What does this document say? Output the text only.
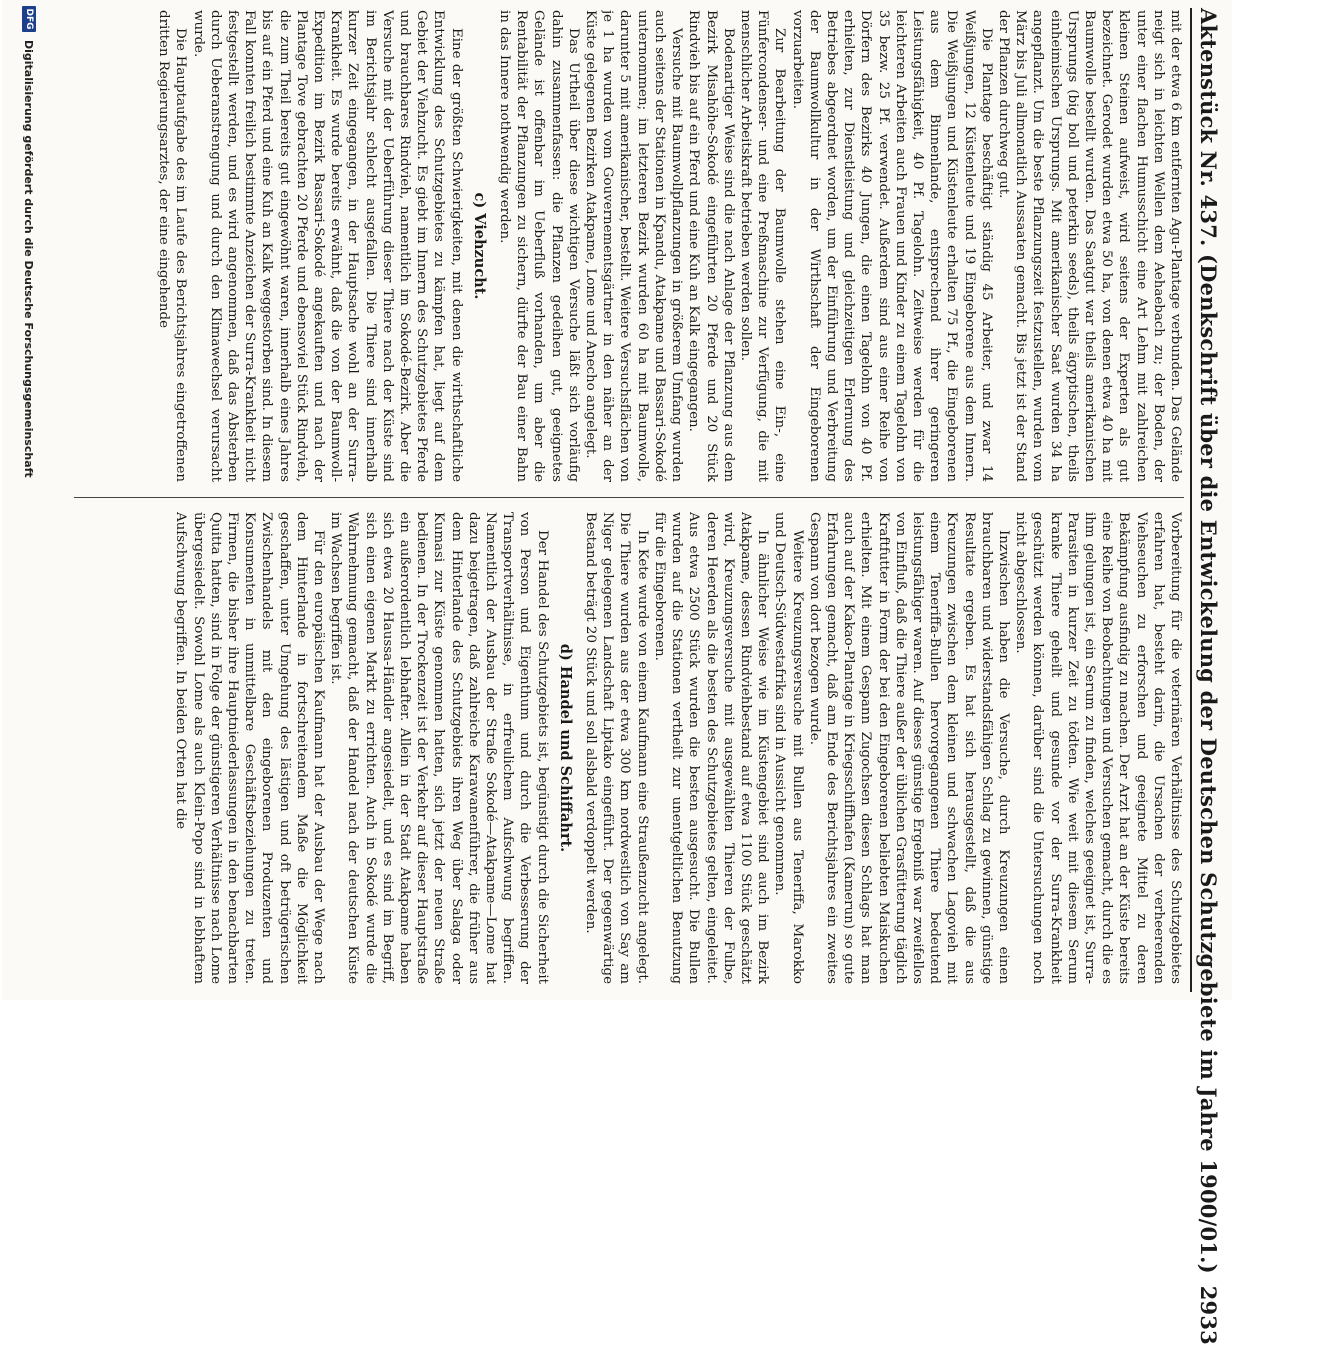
Aktenstück Nr. 437. (Denkschrift über die Entwickelung der Deutschen Schutzgebiete im Jahre 1900/01.)
2933

mit der etwa 6 km entfernten Agu-Plantage verbunden. Das Gelände neigt sich in leichten Wellen dem Aehaebach zu; der Boden, der unter einer flachen Humusschicht eine Art Lehm mit zahlreichen kleinen Steinen aufweist, wird seitens der Experten als gut bezeichnet. Gerodet wurden etwa 50 ha, von denen etwa 40 ha mit Baumwolle bestellt wurden. Das Saatgut war theils amerikanischen Ursprungs (big boll und peterkin seeds), theils ägyptischen, theils einheimischen Ursprungs. Mit amerikanischer Saat wurden 34 ha angepflanzt. Um die beste Pflanzungszeit festzustellen, wurden vom März bis Juli allmonatlich Aussaaten gemacht. Bis jetzt ist der Stand der Pflanzen durchweg gut.

Die Plantage beschäftigt ständig 45 Arbeiter, und zwar 14 Weißjungen, 12 Küstenleute und 19 Eingeborene aus dem Innern. Die Weißjungen und Küstenleute erhalten 75 Pf., die Eingeborenen aus dem Binnenlande, entsprechend ihrer geringeren Leistungsfähigkeit, 40 Pf. Tagelohn. Zeitweise werden für die leichteren Arbeiten auch Frauen und Kinder zu einem Tagelohn von 35 bezw. 25 Pf. verwendet. Außerdem sind aus einer Reihe von Dörfern des Bezirks 40 Jungen, die einen Tagelohn von 40 Pf. erhielten, zur Dienstleistung und gleichzeitigen Erlernung des Betriebes abgeordnet worden, um der Einführung und Verbreitung der Baumwollkultur in der Wirthschaft der Eingeborenen vorzuarbeiten.

Zur Bearbeitung der Baumwolle stehen eine Ein-, eine Fünfercondenser- und eine Preßmaschine zur Verfügung, die mit menschlicher Arbeitskraft betrieben werden sollen.

Bodenartiger Weise sind die nach Anlage der Pflanzung aus dem Bezirk Misahöhe-Sokodé eingeführten 20 Pferde und 20 Stück Rindvieh bis auf ein Pferd und eine Kuh an Kalk eingegangen.

Versuche mit Baumwollpflanzungen in größerem Umfang wurden auch seitens der Stationen in Kpandu, Atakpame und Bassari-Sokodé unternommen; im letzteren Bezirk wurden 60 ha mit Baumwolle, darunter 5 mit amerikanischer, bestellt. Weitere Versuchsflächen von je 1 ha wurden vom Gouvernementsgärtner in den näher an der Küste gelegenen Bezirken Atakpame, Lome und Anecho angelegt.

Das Urtheil über diese wichtigen Versuche läßt sich vorläufig dahin zusammenfassen: die Pflanzen gedeihen gut, geeignetes Gelände ist offenbar im Ueberfluß vorhanden, um aber die Rentabilität der Pflanzungen zu sichern, dürfte der Bau einer Bahn in das Innere nothwendig werden.

c) Viehzucht.

Eine der größten Schwierigkeiten, mit denen die wirthschaftliche Entwicklung des Schutzgebietes zu kämpfen hat, liegt auf dem Gebiet der Viehzucht. Es giebt im Innern des Schutzgebietes Pferde und brauchbares Rindvieh, namentlich im Sokodé-Bezirk. Aber die Versuche mit der Ueberführung dieser Thiere nach der Küste sind im Berichtsjahr schlecht ausgefallen. Die Thiere sind innerhalb kurzer Zeit eingegangen, in der Hauptsache wohl an der Surra-Krankheit. Es wurde bereits erwähnt, daß die von der Baumwoll-Expedition im Bezirk Bassari-Sokodé angekauften und nach der Plantage Tove gebrachten 20 Pferde und ebensoviel Stück Rindvieh, die zum Theil bereits gut eingewöhnt waren, innerhalb eines Jahres bis auf ein Pferd und eine Kuh an Kalk weggestorben sind. In diesem Fall konnten freilich bestimmte Anzeichen der Surra-Krankheit nicht festgestellt werden, und es wird angenommen, daß das Absterben durch Ueberanstrengung und durch den Klimawechsel verursacht wurde.

Die Hauptaufgabe des im Laufe des Berichtsjahres eingetroffenen dritten Regierungsarztes, der eine eingehende

Vorbereitung für die veterinären Verhältnisse des Schutzgebietes erfahren hat, besteht darin, die Ursachen der verheerenden Viehseuchen zu erforschen und geeignete Mittel zu deren Bekämpfung ausfindig zu machen. Der Arzt hat an der Küste bereits eine Reihe von Beobachtungen und Versuchen gemacht, durch die es ihm gelungen ist, ein Serum zu finden, welches geeignet ist, Surra-Parasiten in kurzer Zeit zu tödten. Wie weit mit diesem Serum kranke Thiere geheilt und gesunde vor der Surra-Krankheit geschützt werden können, darüber sind die Untersuchungen noch nicht abgeschlossen.

Inzwischen haben die Versuche, durch Kreuzungen einen brauchbaren und widerstandsfähigen Schlag zu gewinnen, günstige Resultate ergeben. Es hat sich herausgestellt, daß die aus Kreuzungen zwischen dem kleinen und schwachen Lagovieh mit einem Teneriffa-Bullen hervorgegangenen Thiere bedeutend leistungsfähiger waren. Auf dieses günstige Ergebniß war zweifellos von Einfluß, daß die Thiere außer der üblichen Grasfütterung täglich Kraftfutter in Form der bei den Eingeborenen beliebten Maiskuchen erhielten. Mit einem Gespann Zugochsen diesen Schlags hat man auch auf der Kakao-Plantage in Kriegsschiffhafen (Kamerun) so gute Erfahrungen gemacht, daß am Ende des Berichtsjahres ein zweites Gespann von dort bezogen wurde.

Weitere Kreuzungsversuche mit Bullen aus Teneriffa, Marokko und Deutsch-Südwestafrika sind in Aussicht genommen.

In ähnlicher Weise wie im Küstengebiet sind auch im Bezirk Atakpame, dessen Rindviehbestand auf etwa 1100 Stück geschätzt wird, Kreuzungsversuche mit ausgewählten Thieren der Fulbe, deren Heerden als die besten des Schutzgebietes gelten, eingeleitet. Aus etwa 2500 Stück wurden die besten ausgesucht. Die Bullen wurden auf die Stationen vertheilt zur unentgeltlichen Benutzung für die Eingeborenen.

In Kete wurde von einem Kaufmann eine Straußenzucht angelegt. Die Thiere wurden aus der etwa 300 km nordwestlich von Say am Niger gelegenen Landschaft Liptako eingeführt. Der gegenwärtige Bestand beträgt 20 Stück und soll alsbald verdoppelt werden.

d) Handel und Schiffahrt.

Der Handel des Schutzgebiets ist, begünstigt durch die Sicherheit von Person und Eigenthum und durch die Verbesserung der Transportverhältnisse, in erfreulichem Aufschwung begriffen. Namentlich der Ausbau der Straße Sokodé—Atakpame—Lome hat dazu beigetragen, daß zahlreiche Karawanenführer, die früher aus dem Hinterlande des Schutzgebiets ihren Weg über Salaga oder Kumasi zur Küste genommen hatten, sich jetzt der neuen Straße bedienen. In der Trockenzeit ist der Verkehr auf dieser Hauptstraße ein außerordentlich lebhafter. Allein in der Stadt Atakpame haben sich etwa 20 Haussa-Händler angesiedelt, und es sind im Begriff, sich einen eigenen Markt zu errichten. Auch in Sokodé wurde die Wahrnehmung gemacht, daß der Handel nach der deutschen Küste im Wachsen begriffen ist.

Für den europäischen Kaufmann hat der Ausbau der Wege nach dem Hinterlande in fortschreitendem Maße die Möglichkeit geschaffen, unter Umgehung des lästigen und oft betrügerischen Zwischenhandels mit den eingeborenen Produzenten und Konsumenten in unmittelbare Geschäftsbeziehungen zu treten. Firmen, die bisher ihre Hauptniederlassungen in den benachbarten Quitta hatten, sind in Folge der günstigeren Verhältnisse nach Lome übergesiedelt. Sowohl Lome als auch Klein-Popo sind in lebhaftem Aufschwung begriffen. In beiden Orten hat die

DFG
Digitalisierung gefördert durch die Deutsche Forschungsgemeinschaft
